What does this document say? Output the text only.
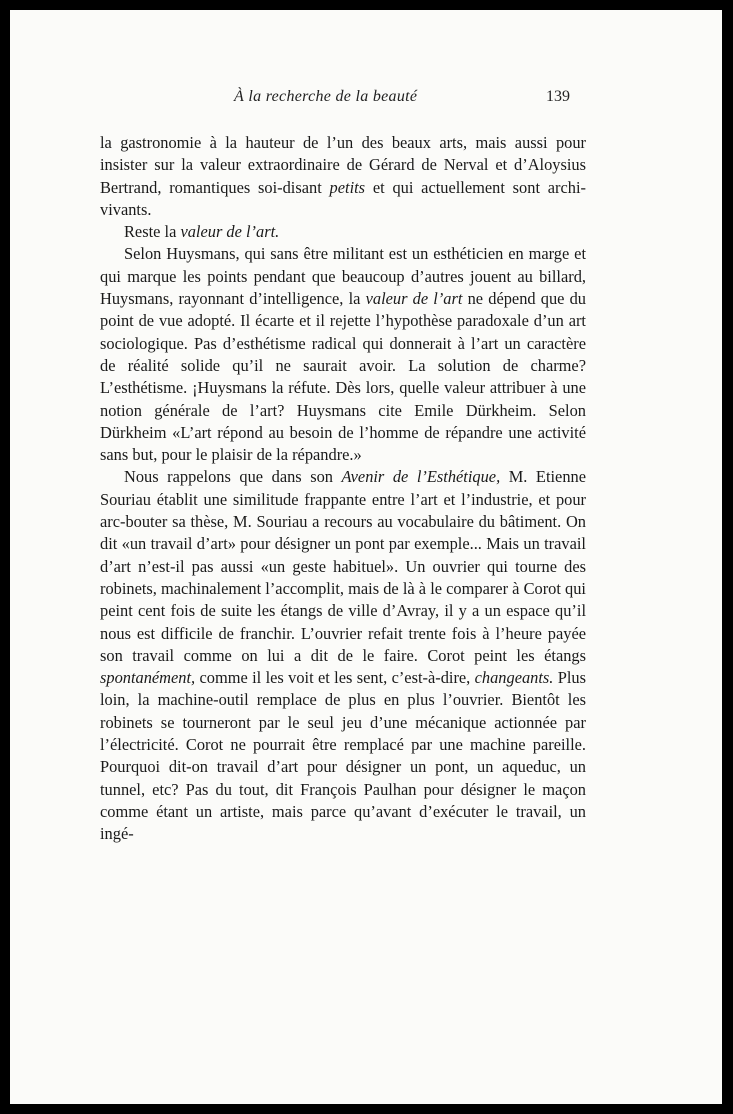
À la recherche de la beauté	139

la gastronomie à la hauteur de l’un des beaux arts, mais aussi pour insister sur la valeur extraordinaire de Gérard de Nerval et d’Aloysius Bertrand, romantiques soi-disant petits et qui actuellement sont archi-vivants.

Reste la valeur de l’art.

Selon Huysmans, qui sans être militant est un esthéticien en marge et qui marque les points pendant que beaucoup d’autres jouent au billard, Huysmans, rayonnant d’intelligence, la valeur de l’art ne dépend que du point de vue adopté. Il écarte et il rejette l’hypothèse paradoxale d’un art sociologique. Pas d’esthétisme radical qui donnerait à l’art un caractère de réalité solide qu’il ne saurait avoir. La solution de charme? L’esthétisme. ¡Huysmans la réfute. Dès lors, quelle valeur attribuer à une notion générale de l’art? Huysmans cite Emile Dürkheim. Selon Dürkheim «L’art répond au besoin de l’homme de répandre une activité sans but, pour le plaisir de la répandre.»

Nous rappelons que dans son Avenir de l’Esthétique, M. Etienne Souriau établit une similitude frappante entre l’art et l’industrie, et pour arc-bouter sa thèse, M. Souriau a recours au vocabulaire du bâtiment. On dit «un travail d’art» pour désigner un pont par exemple... Mais un travail d’art n’est-il pas aussi «un geste habituel». Un ouvrier qui tourne des robinets, machinalement l’accomplit, mais de là à le comparer à Corot qui peint cent fois de suite les étangs de ville d’Avray, il y a un espace qu’il nous est difficile de franchir. L’ouvrier refait trente fois à l’heure payée son travail comme on lui a dit de le faire. Corot peint les étangs spontanément, comme il les voit et les sent, c’est-à-dire, changeants. Plus loin, la machine-outil remplace de plus en plus l’ouvrier. Bientôt les robinets se tourneront par le seul jeu d’une mécanique actionnée par l’électricité. Corot ne pourrait être remplacé par une machine pareille. Pourquoi dit-on travail d’art pour désigner un pont, un aqueduc, un tunnel, etc? Pas du tout, dit François Paulhan pour désigner le maçon comme étant un artiste, mais parce qu’avant d’exécuter le travail, un ingé-
